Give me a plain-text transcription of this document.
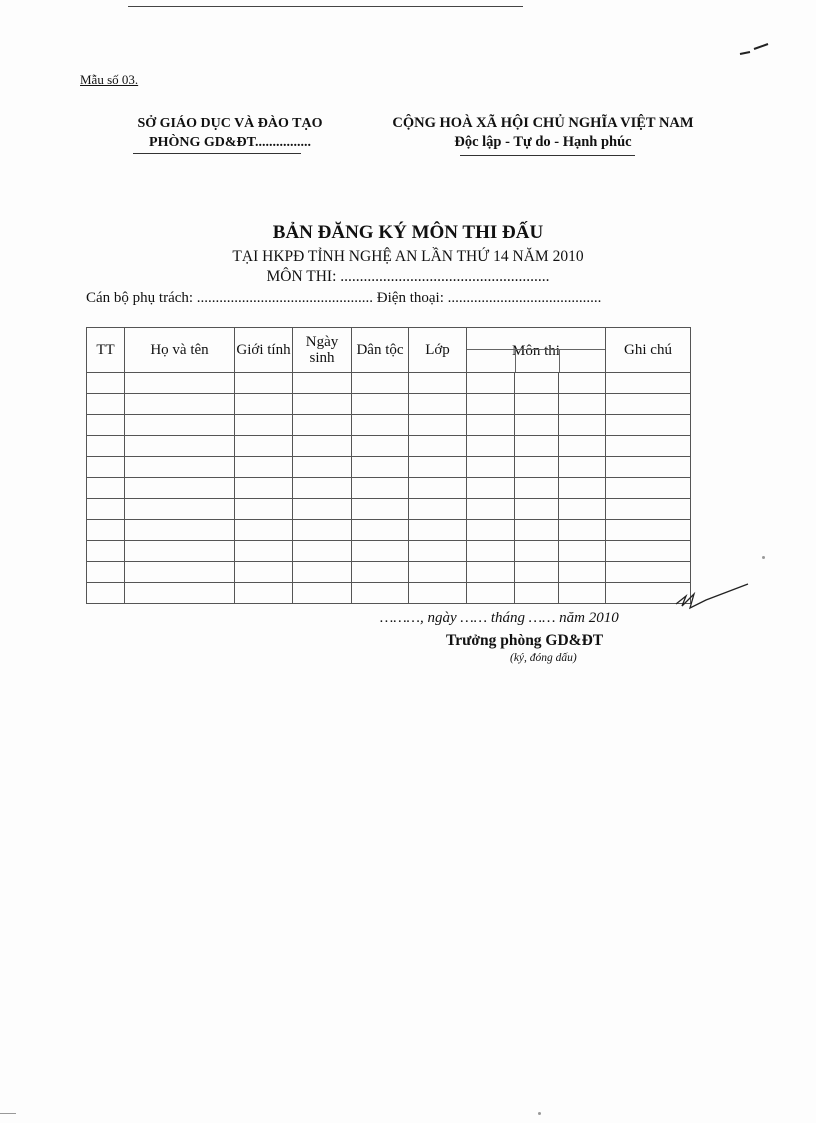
Mẫu số 03.
SỞ GIÁO DỤC VÀ ĐÀO TẠO
PHÒNG GD&ĐT................
CỘNG HOÀ XÃ HỘI CHỦ NGHĨA VIỆT NAM
Độc lập - Tự do - Hạnh phúc
BẢN ĐĂNG KÝ MÔN THI ĐẤU
TẠI HKPĐ TỈNH NGHỆ AN LẦN THỨ 14 NĂM 2010
MÔN THI: ......................................................
Cán bộ phụ trách: ............................................... Điện thoại: .........................................
TT	Họ và tên	Giới tính	Ngày sinh	Dân tộc	Lớp	Môn thi			Ghi chú

………, ngày …… tháng …… năm 2010
Trưởng phòng GD&ĐT
(ký, đóng dấu)
